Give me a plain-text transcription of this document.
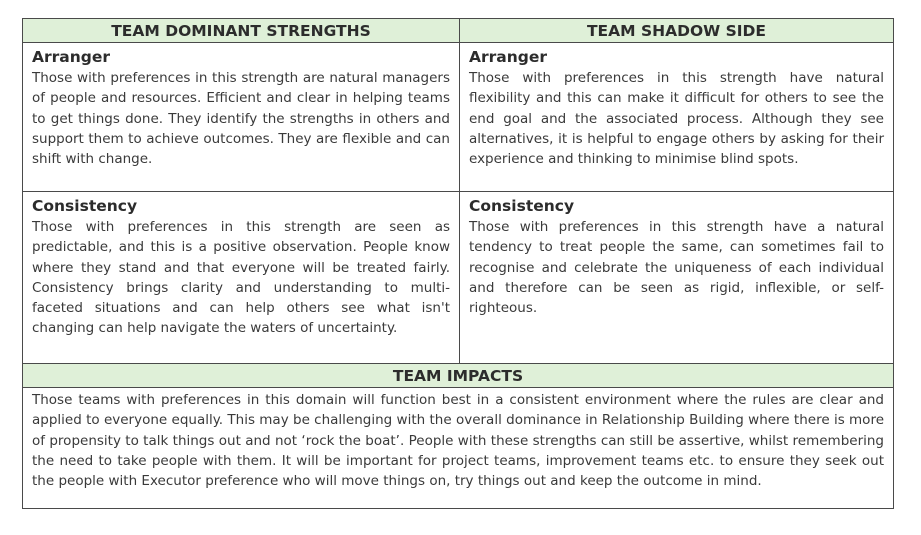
TEAM DOMINANT STRENGTHS	TEAM SHADOW SIDE
Arranger
Those with preferences in this strength are natural managers of people and resources. Efficient and clear in helping teams to get things done. They identify the strengths in others and support them to achieve outcomes. They are flexible and can shift with change.
Arranger
Those with preferences in this strength have natural flexibility and this can make it difficult for others to see the end goal and the associated process. Although they see alternatives, it is helpful to engage others by asking for their experience and thinking to minimise blind spots.
Consistency
Those with preferences in this strength are seen as predictable, and this is a positive observation. People know where they stand and that everyone will be treated fairly. Consistency brings clarity and understanding to multi-faceted situations and can help others see what isn't changing can help navigate the waters of uncertainty.
Consistency
Those with preferences in this strength have a natural tendency to treat people the same, can sometimes fail to recognise and celebrate the uniqueness of each individual and therefore can be seen as rigid, inflexible, or self-righteous.
TEAM IMPACTS
Those teams with preferences in this domain will function best in a consistent environment where the rules are clear and applied to everyone equally. This may be challenging with the overall dominance in Relationship Building where there is more of propensity to talk things out and not ‘rock the boat’. People with these strengths can still be assertive, whilst remembering the need to take people with them. It will be important for project teams, improvement teams etc. to ensure they seek out the people with Executor preference who will move things on, try things out and keep the outcome in mind.
